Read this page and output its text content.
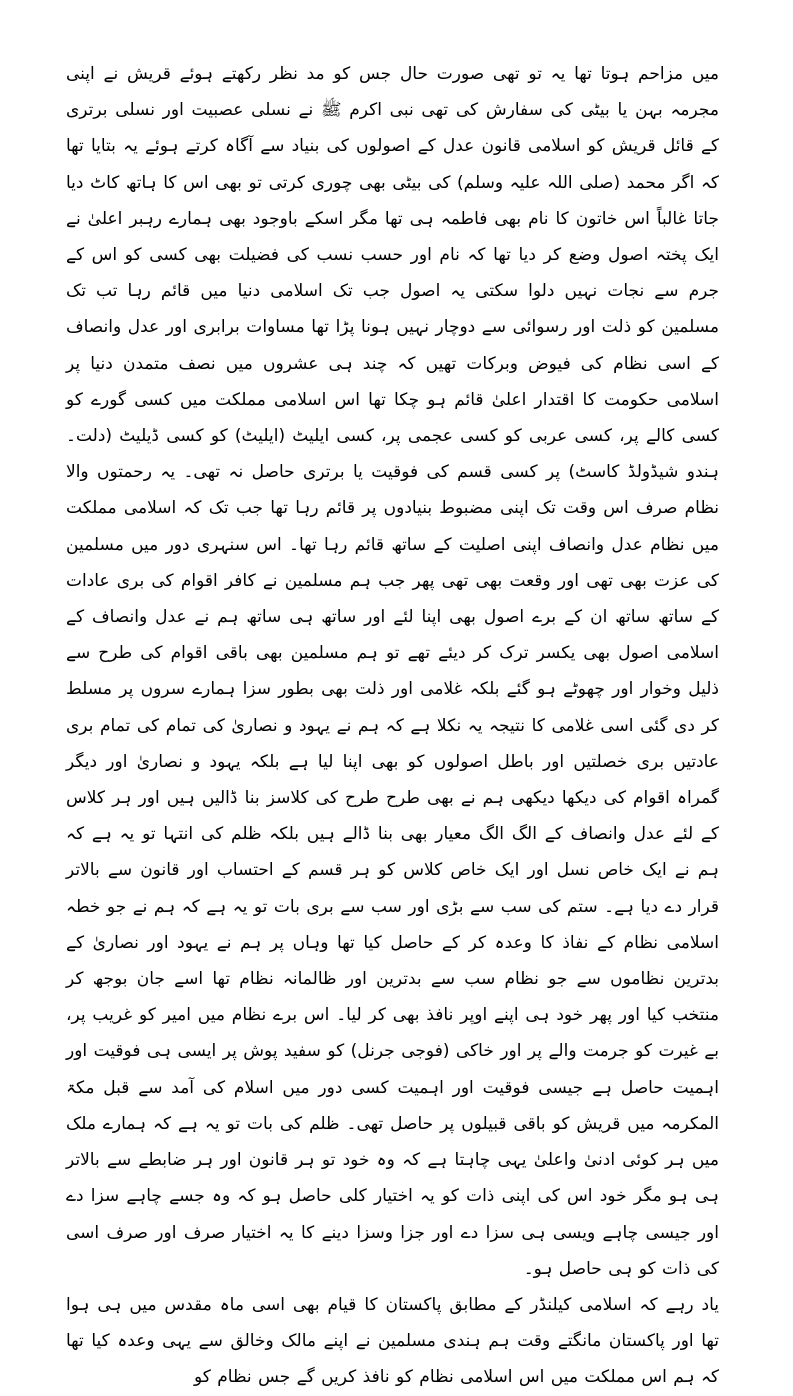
میں مزاحم ہوتا تھا یہ تو تھی صورت حال جس کو مد نظر رکھتے ہوئے قریش نے اپنی مجرمہ بہن یا بیٹی کی سفارش کی تھی نبی اکرم ﷺ نے نسلی عصبیت اور نسلی برتری کے قائل قریش کو اسلامی قانون عدل کے اصولوں کی بنیاد سے آگاہ کرتے ہوئے یہ بتایا تھا کہ اگر محمد (صلی اللہ علیہ وسلم) کی بیٹی بھی چوری کرتی تو بھی اس کا ہاتھ کاٹ دیا جاتا غالباً اس خاتون کا نام بھی فاطمہ ہی تھا مگر اسکے باوجود بھی ہمارے رہبر اعلیٰ نے ایک پختہ اصول وضع کر دیا تھا کہ نام اور حسب نسب کی فضیلت بھی کسی کو اس کے جرم سے نجات نہیں دلوا سکتی یہ اصول جب تک اسلامی دنیا میں قائم رہا تب تک مسلمین کو ذلت اور رسوائی سے دوچار نہیں ہونا پڑا تھا مساوات برابری اور عدل وانصاف کے اسی نظام کی فیوض وبرکات تھیں کہ چند ہی عشروں میں نصف متمدن دنیا پر اسلامی حکومت کا اقتدار اعلیٰ قائم ہو چکا تھا اس اسلامی مملکت میں کسی گورے کو کسی کالے پر، کسی عربی کو کسی عجمی پر، کسی ایلیٹ (ایلیٹ) کو کسی ڈیلیٹ (دلت۔ہندو شیڈولڈ کاسٹ) پر کسی قسم کی فوقیت یا برتری حاصل نہ تھی۔ یہ رحمتوں والا نظام صرف اس وقت تک اپنی مضبوط بنیادوں پر قائم رہا تھا جب تک کہ اسلامی مملکت میں نظام عدل وانصاف اپنی اصلیت کے ساتھ قائم رہا تھا۔ اس سنہری دور میں مسلمین کی عزت بھی تھی اور وقعت بھی تھی پھر جب ہم مسلمین نے کافر اقوام کی بری عادات کے ساتھ ساتھ ان کے برے اصول بھی اپنا لئے اور ساتھ ہی ساتھ ہم نے عدل وانصاف کے اسلامی اصول بھی یکسر ترک کر دیئے تھے تو ہم مسلمین بھی باقی اقوام کی طرح سے ذلیل وخوار اور چھوٹے ہو گئے بلکہ غلامی اور ذلت بھی بطور سزا ہمارے سروں پر مسلط کر دی گئی اسی غلامی کا نتیجہ یہ نکلا ہے کہ ہم نے یہود و نصاریٰ کی تمام کی تمام بری عادتیں بری خصلتیں اور باطل اصولوں کو بھی اپنا لیا ہے بلکہ یہود و نصاریٰ اور دیگر گمراہ اقوام کی دیکھا دیکھی ہم نے بھی طرح طرح کی کلاسز بنا ڈالیں ہیں اور ہر کلاس کے لئے عدل وانصاف کے الگ الگ معیار بھی بنا ڈالے ہیں بلکہ ظلم کی انتہا تو یہ ہے کہ ہم نے ایک خاص نسل اور ایک خاص کلاس کو ہر قسم کے احتساب اور قانون سے بالاتر قرار دے دیا ہے۔ ستم کی سب سے بڑی اور سب سے بری بات تو یہ ہے کہ ہم نے جو خطہ اسلامی نظام کے نفاذ کا وعدہ کر کے حاصل کیا تھا وہاں پر ہم نے یہود اور نصاریٰ کے بدترین نظاموں سے جو نظام سب سے بدترین اور ظالمانہ نظام تھا اسے جان بوجھ کر منتخب کیا اور پھر خود ہی اپنے اوپر نافذ بھی کر لیا۔ اس برے نظام میں امیر کو غریب پر، بے غیرت کو جرمت والے پر اور خاکی (فوجی جرنل) کو سفید پوش پر ایسی ہی فوقیت اور اہمیت حاصل ہے جیسی فوقیت اور اہمیت کسی دور میں اسلام کی آمد سے قبل مکۃ المکرمہ میں قریش کو باقی قبیلوں پر حاصل تھی۔ ظلم کی بات تو یہ ہے کہ ہمارے ملک میں ہر کوئی ادنیٰ واعلیٰ یہی چاہتا ہے کہ وہ خود تو ہر قانون اور ہر ضابطے سے بالاتر ہی ہو مگر خود اس کی اپنی ذات کو یہ اختیار کلی حاصل ہو کہ وہ جسے چاہے سزا دے اور جیسی چاہے ویسی ہی سزا دے اور جزا وسزا دینے کا یہ اختیار صرف اور صرف اسی کی ذات کو ہی حاصل ہو۔

یاد رہے کہ اسلامی کیلنڈر کے مطابق پاکستان کا قیام بھی اسی ماہ مقدس میں ہی ہوا تھا اور پاکستان مانگتے وقت ہم ہندی مسلمین نے اپنے مالک وخالق سے یہی وعدہ کیا تھا کہ ہم اس مملکت میں اس اسلامی نظام کو نافذ کریں گے جس نظام کو
